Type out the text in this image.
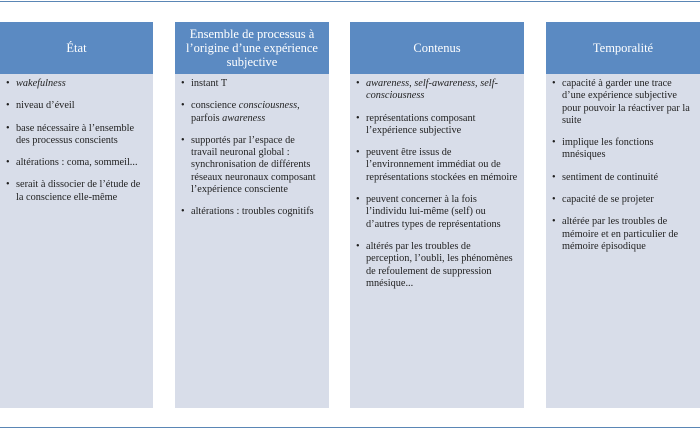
État
• wakefulness
• niveau d’éveil
• base nécessaire à l’ensemble des processus conscients
• altérations : coma, sommeil...
• serait à dissocier de l’étude de la conscience elle-même
Ensemble de processus à l’origine d’une expérience subjective
• instant T
• conscience consciousness, parfois awareness
• supportés par l’espace de travail neuronal global : synchronisation de différents réseaux neuronaux composant l’expérience consciente
• altérations : troubles cognitifs
Contenus
• awareness, self-awareness, self-consciousness
• représentations composant l’expérience subjective
• peuvent être issus de l’environnement immédiat ou de représentations stockées en mémoire
• peuvent concerner à la fois l’individu lui-même (self) ou d’autres types de représentations
• altérés par les troubles de perception, l’oubli, les phénomènes de refoulement de suppression mnésique...
Temporalité
• capacité à garder une trace d’une expérience subjective pour pouvoir la réactiver par la suite
• implique les fonctions mnésiques
• sentiment de continuité
• capacité de se projeter
• altérée par les troubles de mémoire et en particulier de mémoire épisodique
